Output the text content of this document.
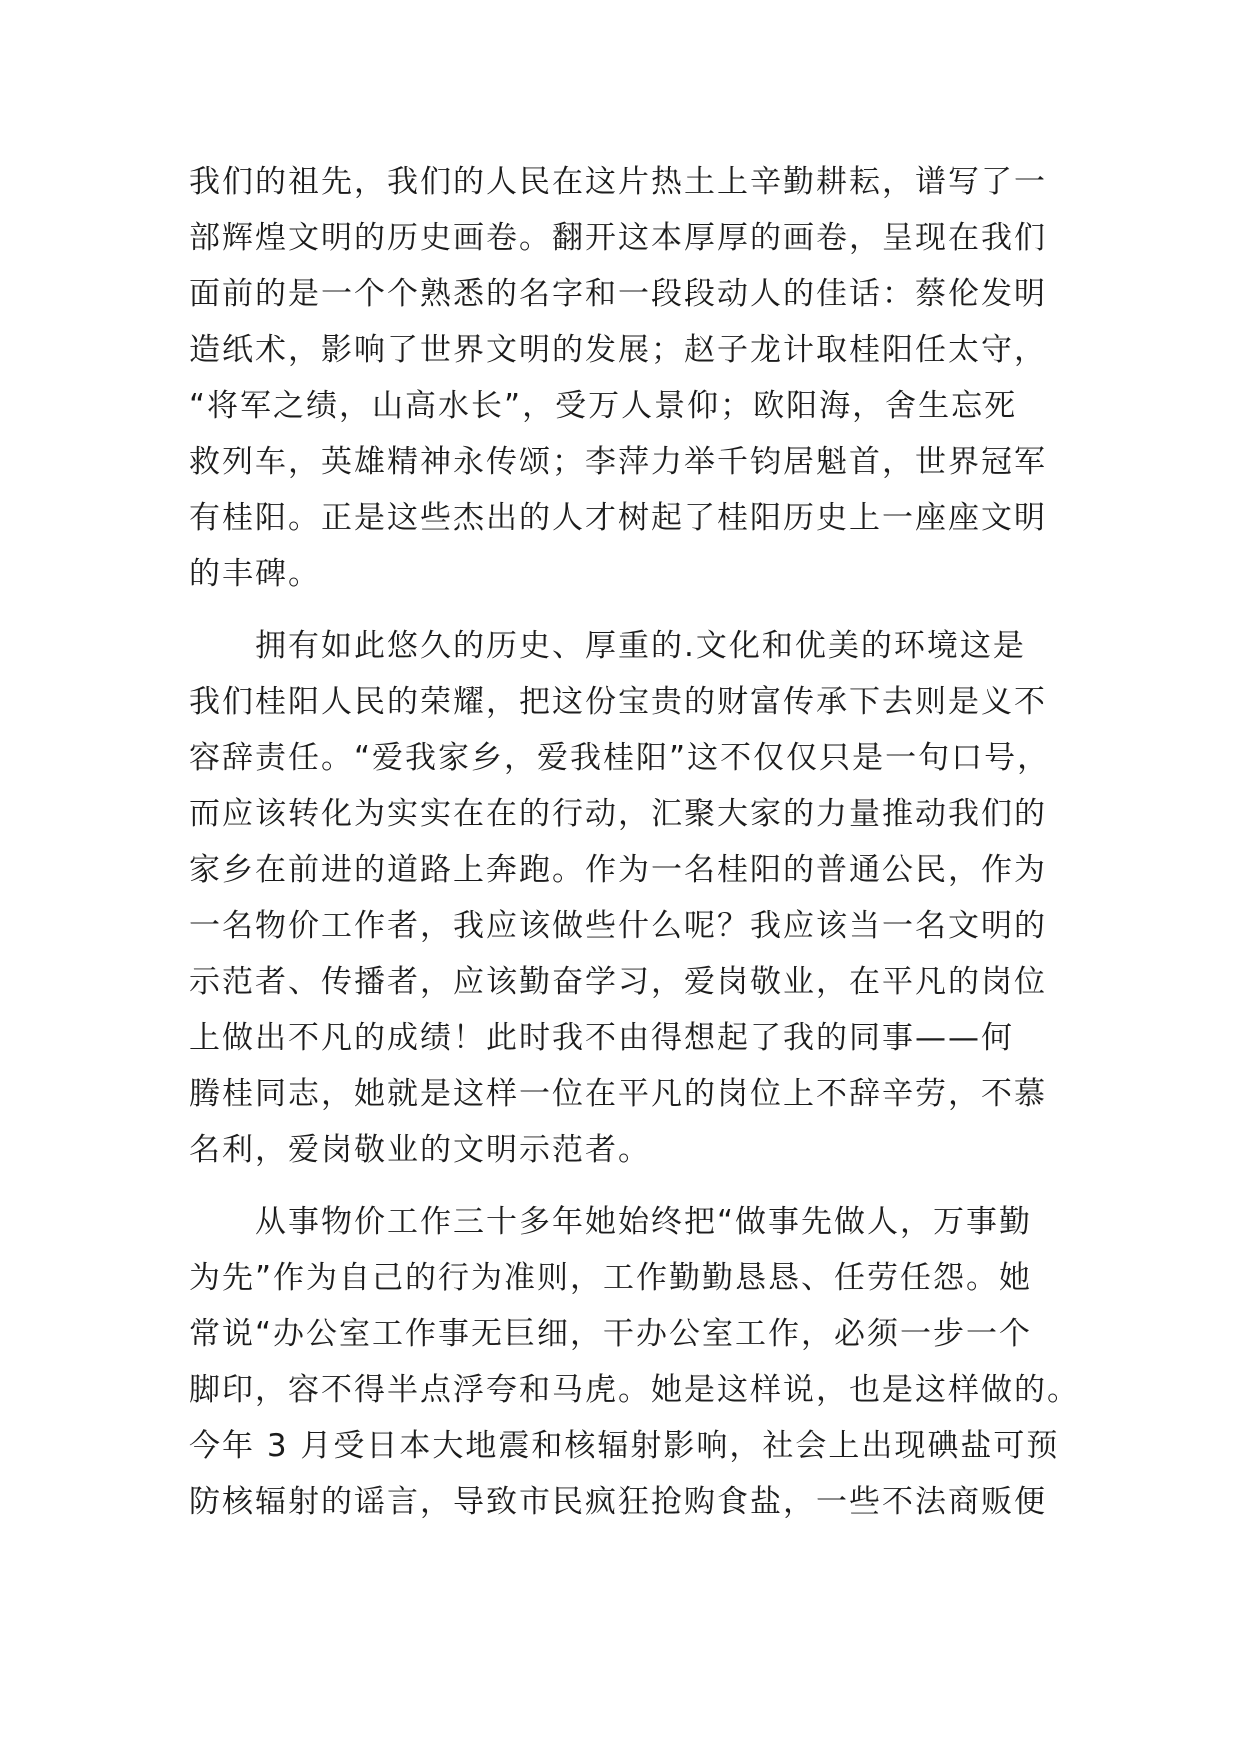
我们的祖先，我们的人民在这片热土上辛勤耕耘，谱写了一
部辉煌文明的历史画卷。翻开这本厚厚的画卷，呈现在我们
面前的是一个个熟悉的名字和一段段动人的佳话：蔡伦发明
造纸术，影响了世界文明的发展；赵子龙计取桂阳任太守，
“将军之绩，山高水长”，受万人景仰；欧阳海，舍生忘死
救列车，英雄精神永传颂；李萍力举千钧居魁首，世界冠军
有桂阳。正是这些杰出的人才树起了桂阳历史上一座座文明
的丰碑。
　　拥有如此悠久的历史、厚重的.文化和优美的环境这是
我们桂阳人民的荣耀，把这份宝贵的财富传承下去则是义不
容辞责任。“爱我家乡，爱我桂阳”这不仅仅只是一句口号，
而应该转化为实实在在的行动，汇聚大家的力量推动我们的
家乡在前进的道路上奔跑。作为一名桂阳的普通公民，作为
一名物价工作者，我应该做些什么呢？我应该当一名文明的
示范者、传播者，应该勤奋学习，爱岗敬业，在平凡的岗位
上做出不凡的成绩！此时我不由得想起了我的同事——何
腾桂同志，她就是这样一位在平凡的岗位上不辞辛劳，不慕
名利，爱岗敬业的文明示范者。
　　从事物价工作三十多年她始终把“做事先做人，万事勤
为先”作为自己的行为准则，工作勤勤恳恳、任劳任怨。她
常说“办公室工作事无巨细，干办公室工作，必须一步一个
脚印，容不得半点浮夸和马虎。她是这样说，也是这样做的。
今年 3 月受日本大地震和核辐射影响，社会上出现碘盐可预
防核辐射的谣言，导致市民疯狂抢购食盐，一些不法商贩便
